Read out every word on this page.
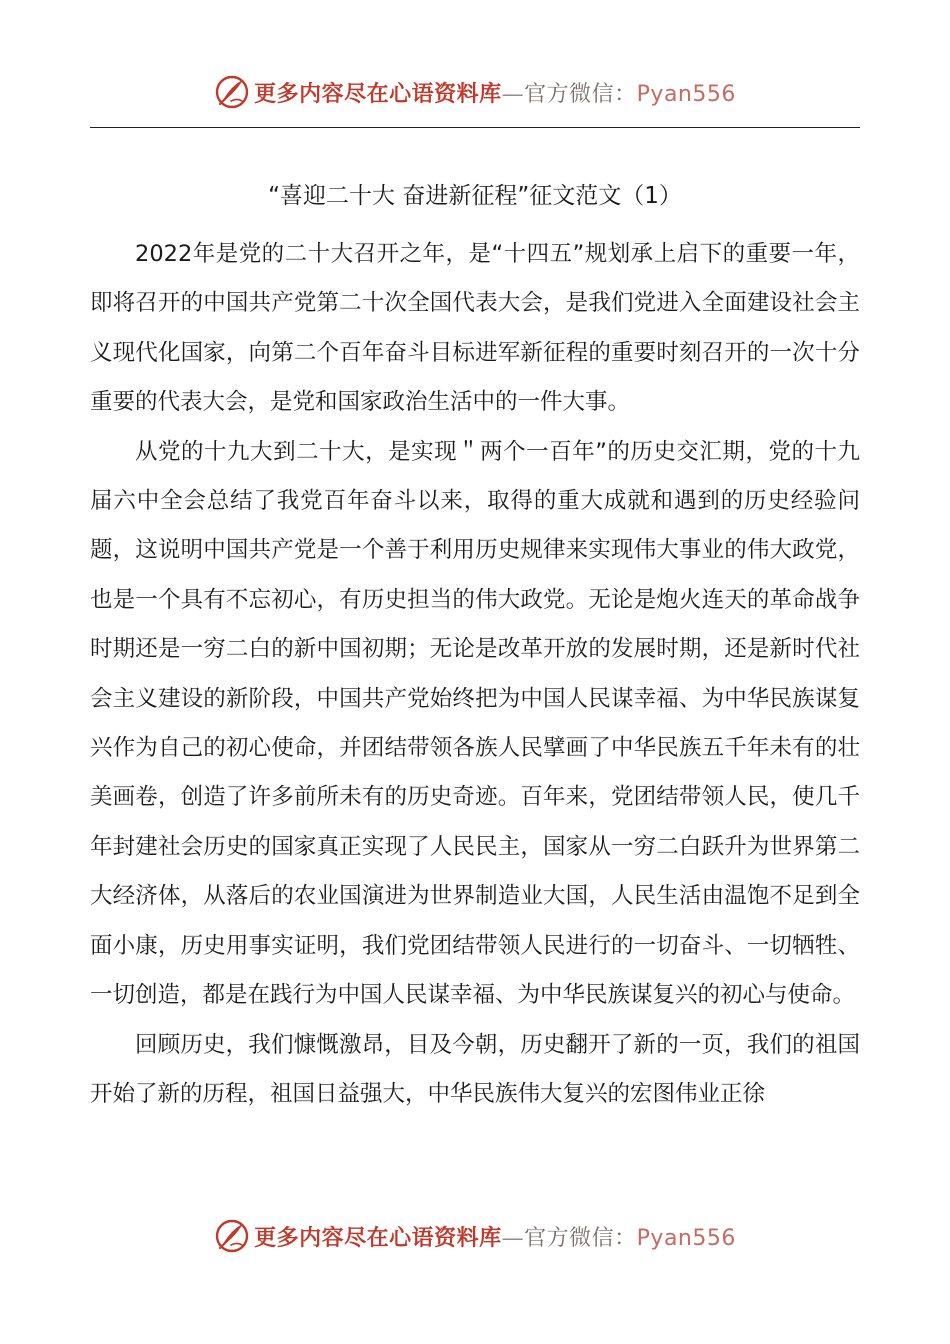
更多内容尽在心语资料库—官方微信：Pyan556
“喜迎二十大 奋进新征程”征文范文（1）

2022年是党的二十大召开之年，是“十四五”规划承上启下的重要一年，即将召开的中国共产党第二十次全国代表大会，是我们党进入全面建设社会主义现代化国家，向第二个百年奋斗目标进军新征程的重要时刻召开的一次十分重要的代表大会，是党和国家政治生活中的一件大事。

从党的十九大到二十大，是实现＂两个一百年”的历史交汇期，党的十九届六中全会总结了我党百年奋斗以来，取得的重大成就和遇到的历史经验问题，这说明中国共产党是一个善于利用历史规律来实现伟大事业的伟大政党，也是一个具有不忘初心，有历史担当的伟大政党。无论是炮火连天的革命战争时期还是一穷二白的新中国初期；无论是改革开放的发展时期，还是新时代社会主义建设的新阶段，中国共产党始终把为中国人民谋幸福、为中华民族谋复兴作为自己的初心使命，并团结带领各族人民擘画了中华民族五千年未有的壮美画卷，创造了许多前所未有的历史奇迹。百年来，党团结带领人民，使几千年封建社会历史的国家真正实现了人民民主，国家从一穷二白跃升为世界第二大经济体，从落后的农业国演进为世界制造业大国，人民生活由温饱不足到全面小康，历史用事实证明，我们党团结带领人民进行的一切奋斗、一切牺牲、一切创造，都是在践行为中国人民谋幸福、为中华民族谋复兴的初心与使命。

回顾历史，我们慷慨激昂，目及今朝，历史翻开了新的一页，我们的祖国开始了新的历程，祖国日益强大，中华民族伟大复兴的宏图伟业正徐

更多内容尽在心语资料库—官方微信：Pyan556
